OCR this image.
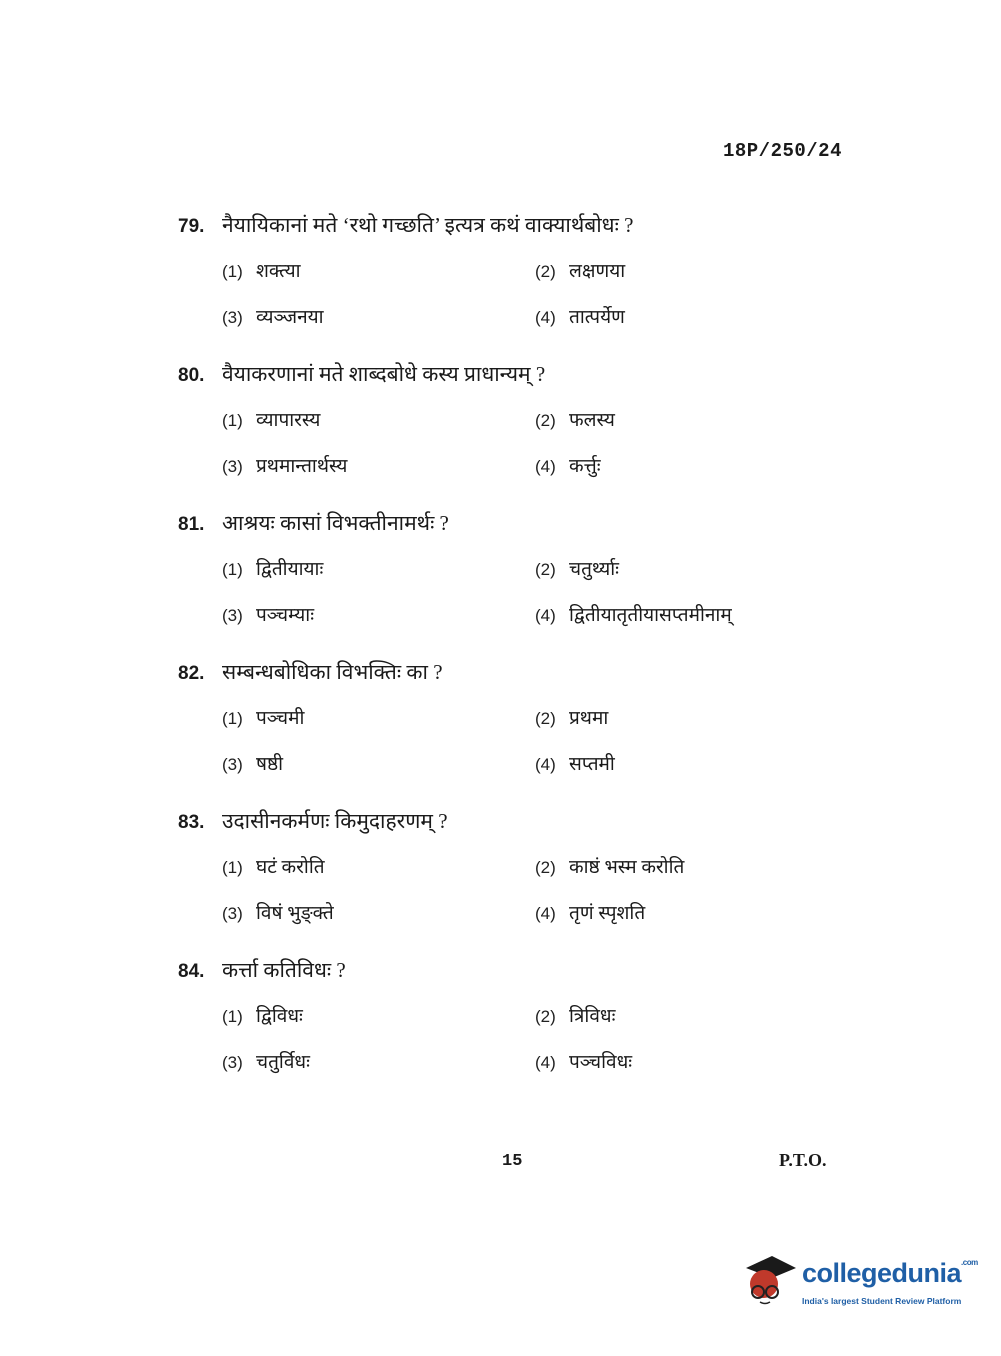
18P/250/24
79. नैयायिकानां मते ‘रथो गच्छति’ इत्यत्र कथं वाक्यार्थबोधः ?
(1) शक्त्या	(2) लक्षणया
(3) व्यञ्जनया	(4) तात्पर्येण
80. वैयाकरणानां मते शाब्दबोधे कस्य प्राधान्यम् ?
(1) व्यापारस्य	(2) फलस्य
(3) प्रथमान्तार्थस्य	(4) कर्त्तुः
81. आश्रयः कासां विभक्तीनामर्थः ?
(1) द्वितीयायाः	(2) चतुर्थ्याः
(3) पञ्चम्याः	(4) द्वितीयातृतीयासप्तमीनाम्
82. सम्बन्धबोधिका विभक्तिः का ?
(1) पञ्चमी	(2) प्रथमा
(3) षष्ठी	(4) सप्तमी
83. उदासीनकर्मणः किमुदाहरणम् ?
(1) घटं करोति	(2) काष्ठं भस्म करोति
(3) विषं भुङ्क्ते	(4) तृणं स्पृशति
84. कर्त्ता कतिविधः ?
(1) द्विविधः	(2) त्रिविधः
(3) चतुर्विधः	(4) पञ्चविधः
15	P.T.O.
collegedunia$^{.com}$
India's largest Student Review Platform
